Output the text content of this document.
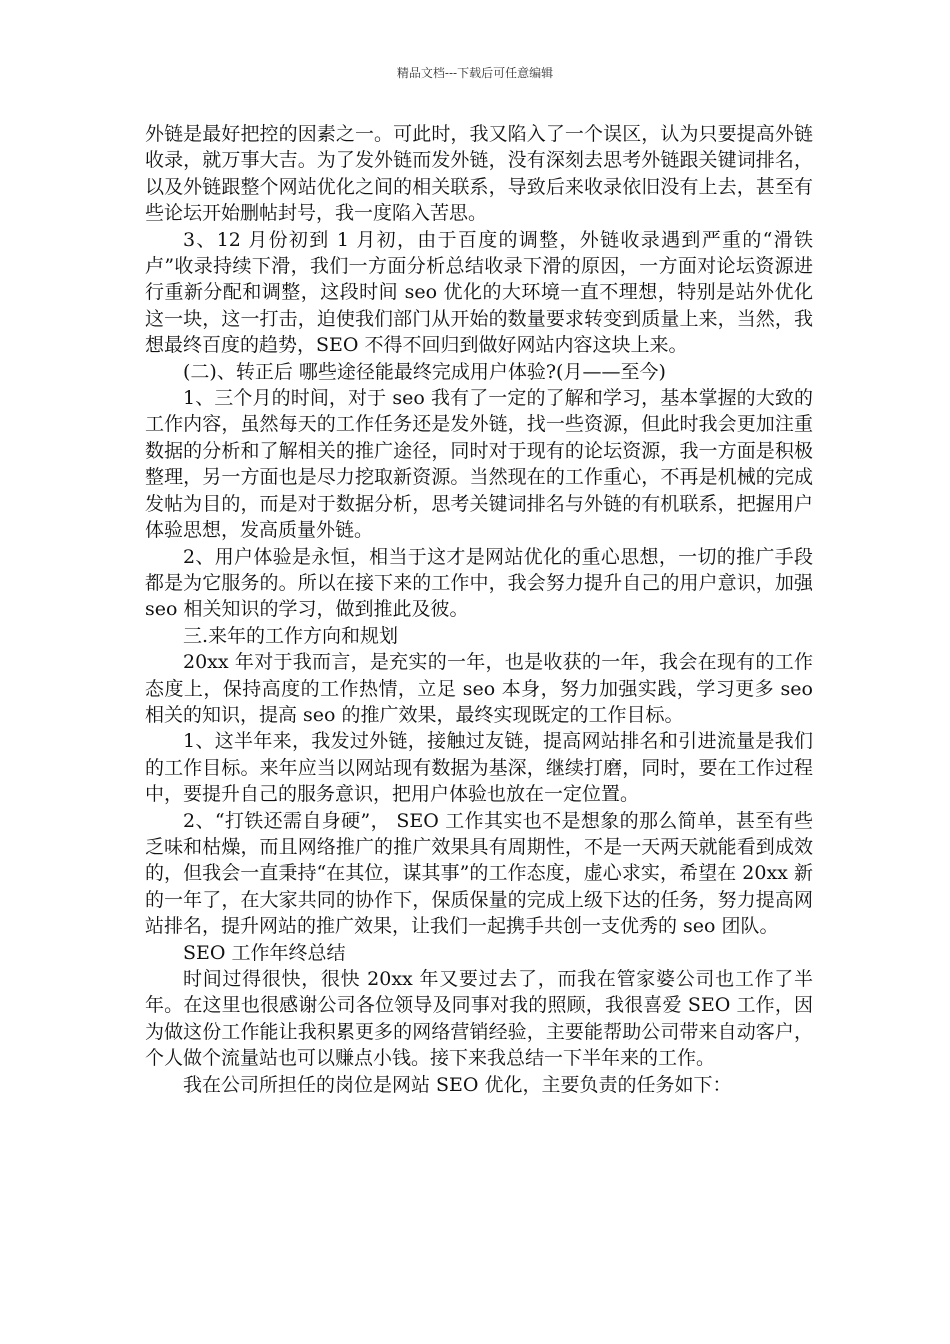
精品文档---下载后可任意编辑

外链是最好把控的因素之一。可此时，我又陷入了一个误区，认为只要提高外链收录，就万事大吉。为了发外链而发外链，没有深刻去思考外链跟关键词排名，以及外链跟整个网站优化之间的相关联系，导致后来收录依旧没有上去，甚至有些论坛开始删帖封号，我一度陷入苦思。

3、12 月份初到 1 月初，由于百度的调整，外链收录遇到严重的“滑铁卢”收录持续下滑，我们一方面分析总结收录下滑的原因，一方面对论坛资源进行重新分配和调整，这段时间 seo 优化的大环境一直不理想，特别是站外优化这一块，这一打击，迫使我们部门从开始的数量要求转变到质量上来，当然，我想最终百度的趋势，SEO 不得不回归到做好网站内容这块上来。

(二)、转正后 哪些途径能最终完成用户体验?(月——至今)

1、三个月的时间，对于 seo 我有了一定的了解和学习，基本掌握的大致的工作内容，虽然每天的工作任务还是发外链，找一些资源，但此时我会更加注重数据的分析和了解相关的推广途径，同时对于现有的论坛资源，我一方面是积极整理，另一方面也是尽力挖取新资源。当然现在的工作重心，不再是机械的完成发帖为目的，而是对于数据分析，思考关键词排名与外链的有机联系，把握用户体验思想，发高质量外链。

2、用户体验是永恒，相当于这才是网站优化的重心思想，一切的推广手段都是为它服务的。所以在接下来的工作中，我会努力提升自己的用户意识，加强 seo 相关知识的学习，做到推此及彼。

三.来年的工作方向和规划

20xx 年对于我而言，是充实的一年，也是收获的一年，我会在现有的工作态度上，保持高度的工作热情，立足 seo 本身，努力加强实践，学习更多 seo 相关的知识，提高 seo 的推广效果，最终实现既定的工作目标。

1、这半年来，我发过外链，接触过友链，提高网站排名和引进流量是我们的工作目标。来年应当以网站现有数据为基深，继续打磨，同时，要在工作过程中，要提升自己的服务意识，把用户体验也放在一定位置。

2、“打铁还需自身硬”， SEO 工作其实也不是想象的那么简单，甚至有些乏味和枯燥，而且网络推广的推广效果具有周期性，不是一天两天就能看到成效的，但我会一直秉持“在其位，谋其事”的工作态度，虚心求实，希望在 20xx 新的一年了，在大家共同的协作下，保质保量的完成上级下达的任务，努力提高网站排名，提升网站的推广效果，让我们一起携手共创一支优秀的 seo 团队。

SEO 工作年终总结

时间过得很快，很快 20xx 年又要过去了，而我在管家婆公司也工作了半年。在这里也很感谢公司各位领导及同事对我的照顾，我很喜爱 SEO 工作，因为做这份工作能让我积累更多的网络营销经验，主要能帮助公司带来自动客户，个人做个流量站也可以赚点小钱。接下来我总结一下半年来的工作。

我在公司所担任的岗位是网站 SEO 优化，主要负责的任务如下：
